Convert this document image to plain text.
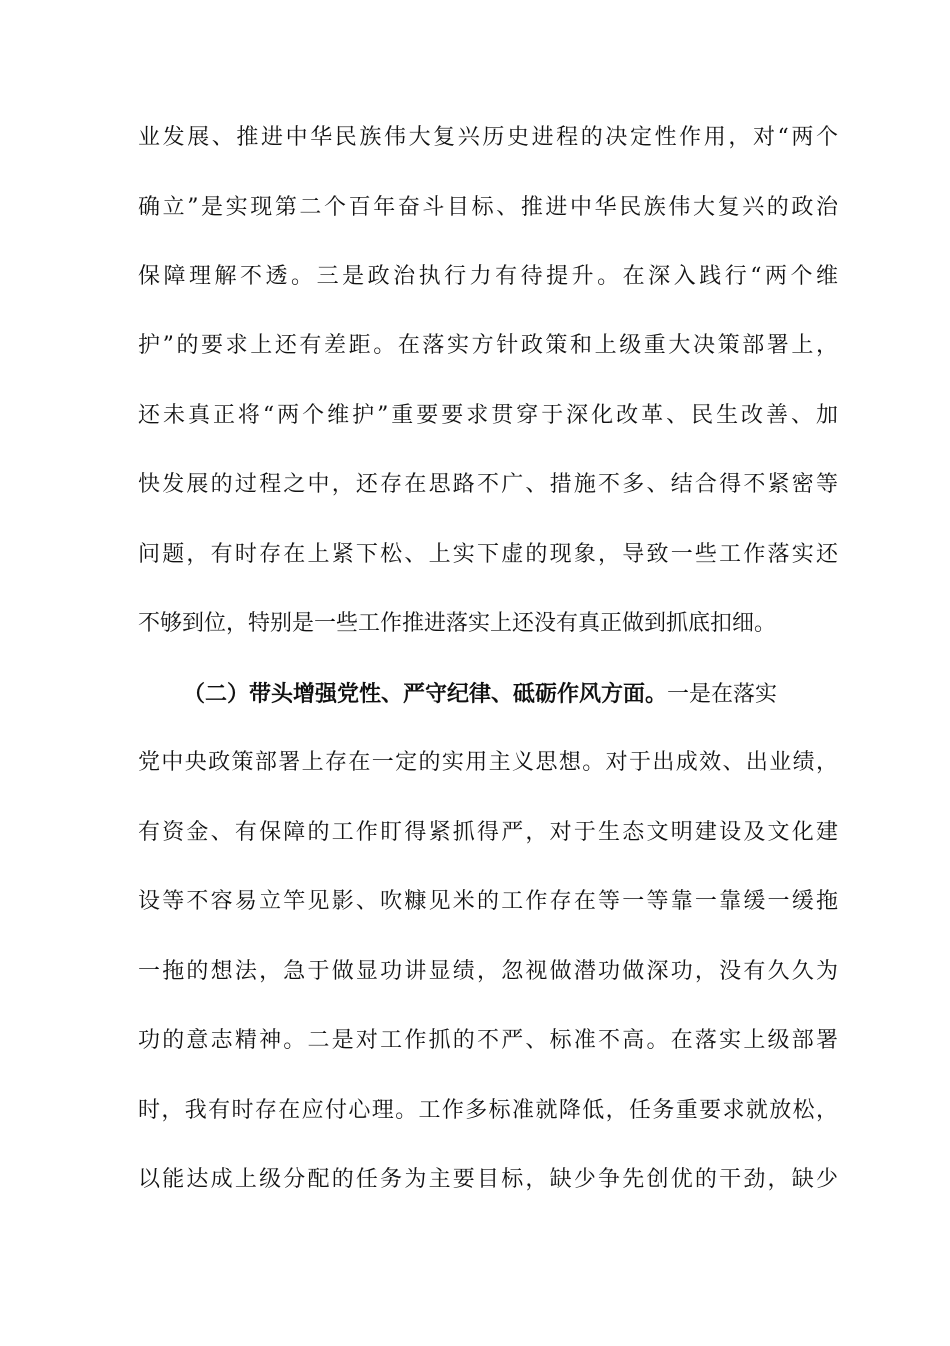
业发展、推进中华民族伟大复兴历史进程的决定性作用，对“两个
确立”是实现第二个百年奋斗目标、推进中华民族伟大复兴的政治
保障理解不透。三是政治执行力有待提升。在深入践行“两个维
护”的要求上还有差距。在落实方针政策和上级重大决策部署上，
还未真正将“两个维护”重要要求贯穿于深化改革、民生改善、加
快发展的过程之中，还存在思路不广、措施不多、结合得不紧密等
问题，有时存在上紧下松、上实下虚的现象，导致一些工作落实还
不够到位，特别是一些工作推进落实上还没有真正做到抓底扣细。
（二）带头增强党性、严守纪律、砥砺作风方面。一是在落实
党中央政策部署上存在一定的实用主义思想。对于出成效、出业绩，
有资金、有保障的工作盯得紧抓得严，对于生态文明建设及文化建
设等不容易立竿见影、吹糠见米的工作存在等一等靠一靠缓一缓拖
一拖的想法，急于做显功讲显绩，忽视做潜功做深功，没有久久为
功的意志精神。二是对工作抓的不严、标准不高。在落实上级部署
时，我有时存在应付心理。工作多标准就降低，任务重要求就放松，
以能达成上级分配的任务为主要目标，缺少争先创优的干劲，缺少
